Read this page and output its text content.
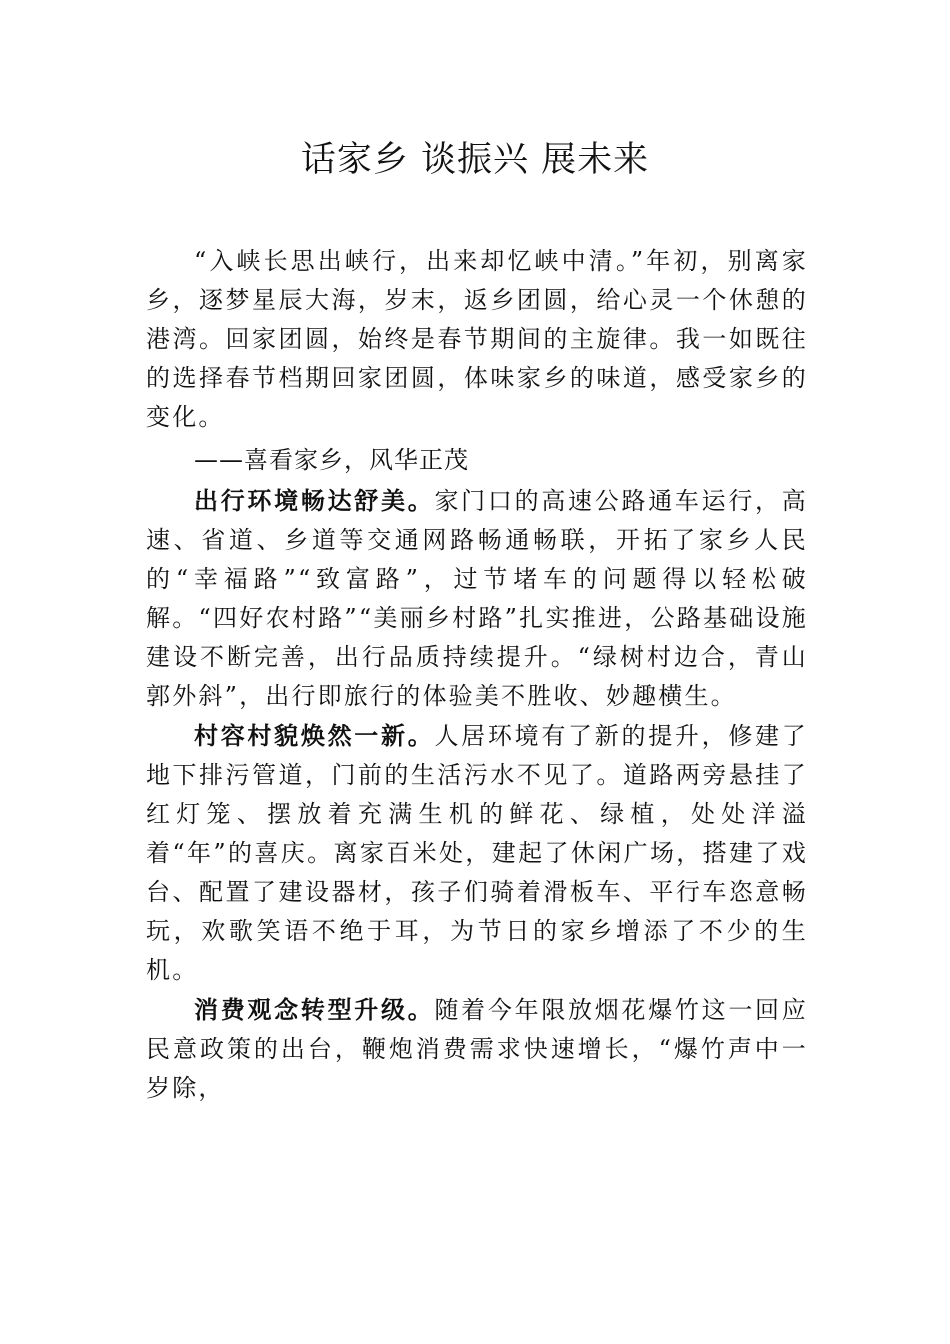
话家乡 谈振兴 展未来

“入峡长思出峡行，出来却忆峡中清。”年初，别离家乡，逐梦星辰大海，岁末，返乡团圆，给心灵一个休憩的港湾。回家团圆，始终是春节期间的主旋律。我一如既往的选择春节档期回家团圆，体味家乡的味道，感受家乡的变化。

——喜看家乡，风华正茂

出行环境畅达舒美。家门口的高速公路通车运行，高速、省道、乡道等交通网路畅通畅联，开拓了家乡人民的“幸福路”“致富路”，过节堵车的问题得以轻松破解。“四好农村路”“美丽乡村路”扎实推进，公路基础设施建设不断完善，出行品质持续提升。“绿树村边合，青山郭外斜”，出行即旅行的体验美不胜收、妙趣横生。

村容村貌焕然一新。人居环境有了新的提升，修建了地下排污管道，门前的生活污水不见了。道路两旁悬挂了红灯笼、摆放着充满生机的鲜花、绿植，处处洋溢着“年”的喜庆。离家百米处，建起了休闲广场，搭建了戏台、配置了建设器材，孩子们骑着滑板车、平行车恣意畅玩，欢歌笑语不绝于耳，为节日的家乡增添了不少的生机。

消费观念转型升级。随着今年限放烟花爆竹这一回应民意政策的出台，鞭炮消费需求快速增长，“爆竹声中一岁除，
